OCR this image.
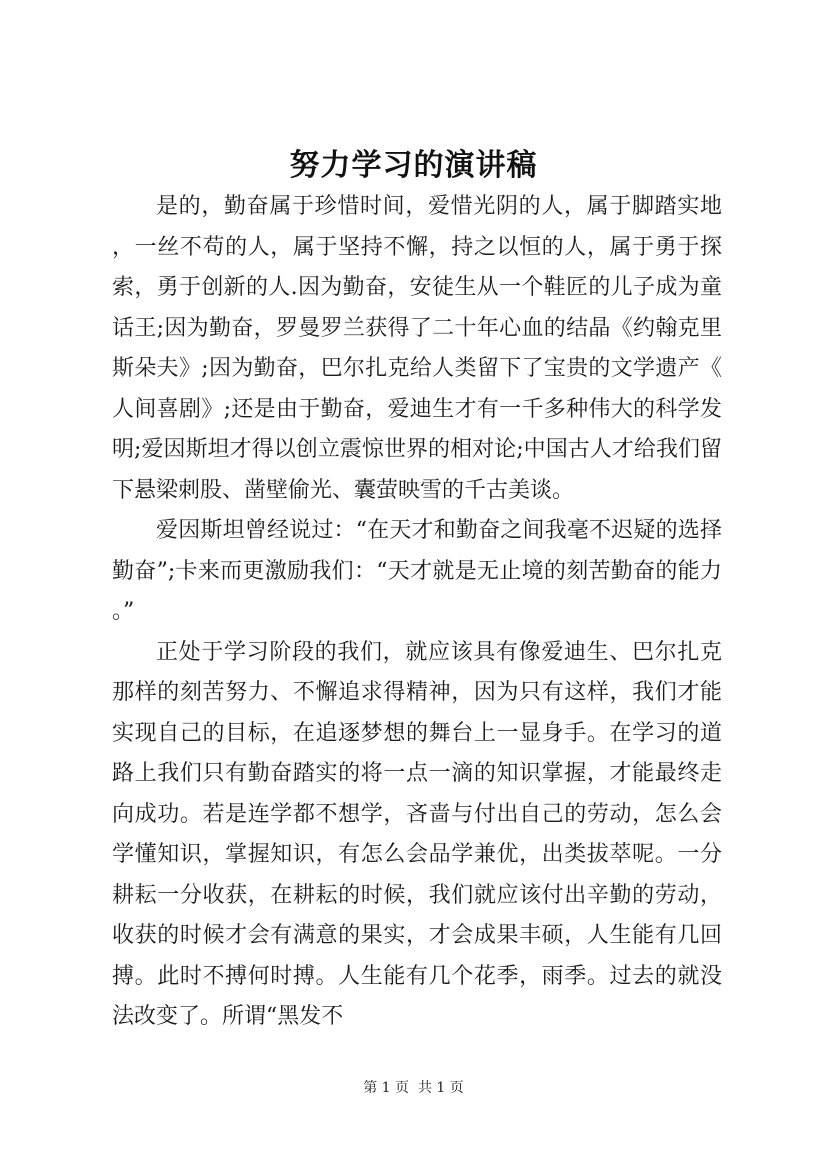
努力学习的演讲稿

是的，勤奋属于珍惜时间，爱惜光阴的人，属于脚踏实地，一丝不苟的人，属于坚持不懈，持之以恒的人，属于勇于探索，勇于创新的人.因为勤奋，安徒生从一个鞋匠的儿子成为童话王;因为勤奋，罗曼罗兰获得了二十年心血的结晶《约翰克里斯朵夫》;因为勤奋，巴尔扎克给人类留下了宝贵的文学遗产《人间喜剧》;还是由于勤奋，爱迪生才有一千多种伟大的科学发明;爱因斯坦才得以创立震惊世界的相对论;中国古人才给我们留下悬梁刺股、凿壁偷光、囊萤映雪的千古美谈。

爱因斯坦曾经说过：“在天才和勤奋之间我毫不迟疑的选择勤奋”;卡来而更激励我们：“天才就是无止境的刻苦勤奋的能力。”

正处于学习阶段的我们，就应该具有像爱迪生、巴尔扎克那样的刻苦努力、不懈追求得精神，因为只有这样，我们才能实现自己的目标，在追逐梦想的舞台上一显身手。在学习的道路上我们只有勤奋踏实的将一点一滴的知识掌握，才能最终走向成功。若是连学都不想学，吝啬与付出自己的劳动，怎么会学懂知识，掌握知识，有怎么会品学兼优，出类拔萃呢。一分耕耘一分收获，在耕耘的时候，我们就应该付出辛勤的劳动，收获的时候才会有满意的果实，才会成果丰硕，人生能有几回搏。此时不搏何时搏。人生能有几个花季，雨季。过去的就没法改变了。所谓“黑发不

第 1 页  共 1 页
